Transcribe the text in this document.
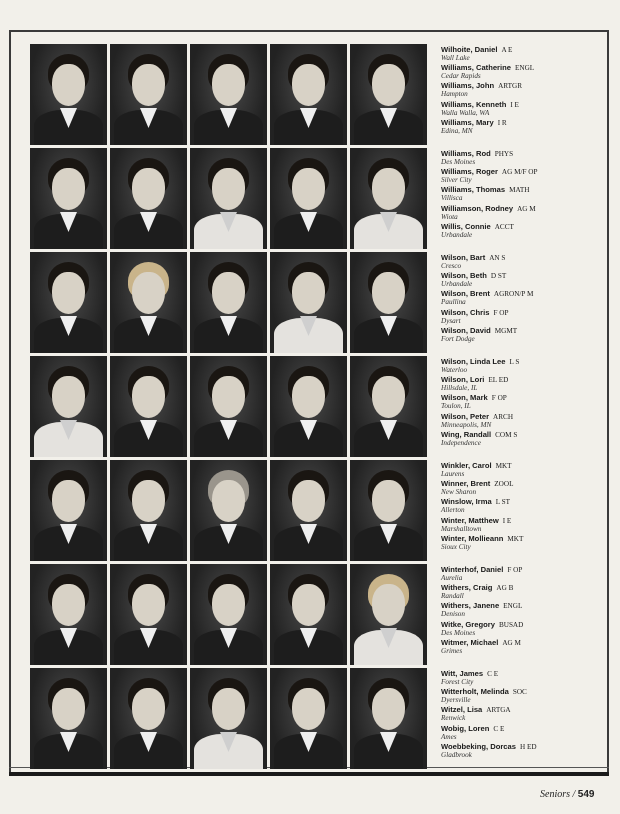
Wilhoite, Daniel A E
Wall Lake
Williams, Catherine ENGL
Cedar Rapids
Williams, John ARTGR
Hampton
Williams, Kenneth I E
Walla Walla, WA
Williams, Mary I R
Edina, MN
Williams, Rod PHYS
Des Moines
Williams, Roger AG M/F OP
Silver City
Williams, Thomas MATH
Villisca
Williamson, Rodney AG M
Wiota
Willis, Connie ACCT
Urbandale
Wilson, Bart AN S
Cresco
Wilson, Beth D ST
Urbandale
Wilson, Brent AGRON/P M
Paullina
Wilson, Chris F OP
Dysart
Wilson, David MGMT
Fort Dodge
Wilson, Linda Lee L S
Waterloo
Wilson, Lori EL ED
Hillsdale, IL
Wilson, Mark F OP
Toulon, IL
Wilson, Peter ARCH
Minneapolis, MN
Wing, Randall COM S
Independence
Winkler, Carol MKT
Laurens
Winner, Brent ZOOL
New Sharon
Winslow, Irma L ST
Allerton
Winter, Matthew I E
Marshalltown
Winter, Mollieann MKT
Sioux City
Winterhof, Daniel F OP
Aurelia
Withers, Craig AG B
Randall
Withers, Janene ENGL
Denison
Witke, Gregory BUSAD
Des Moines
Witmer, Michael AG M
Grimes
Witt, James C E
Forest City
Witterholt, Melinda SOC
Dyersville
Witzel, Lisa ARTGA
Renwick
Wobig, Loren C E
Ames
Woebbeking, Dorcas H ED
Gladbrook
Seniors / 549
